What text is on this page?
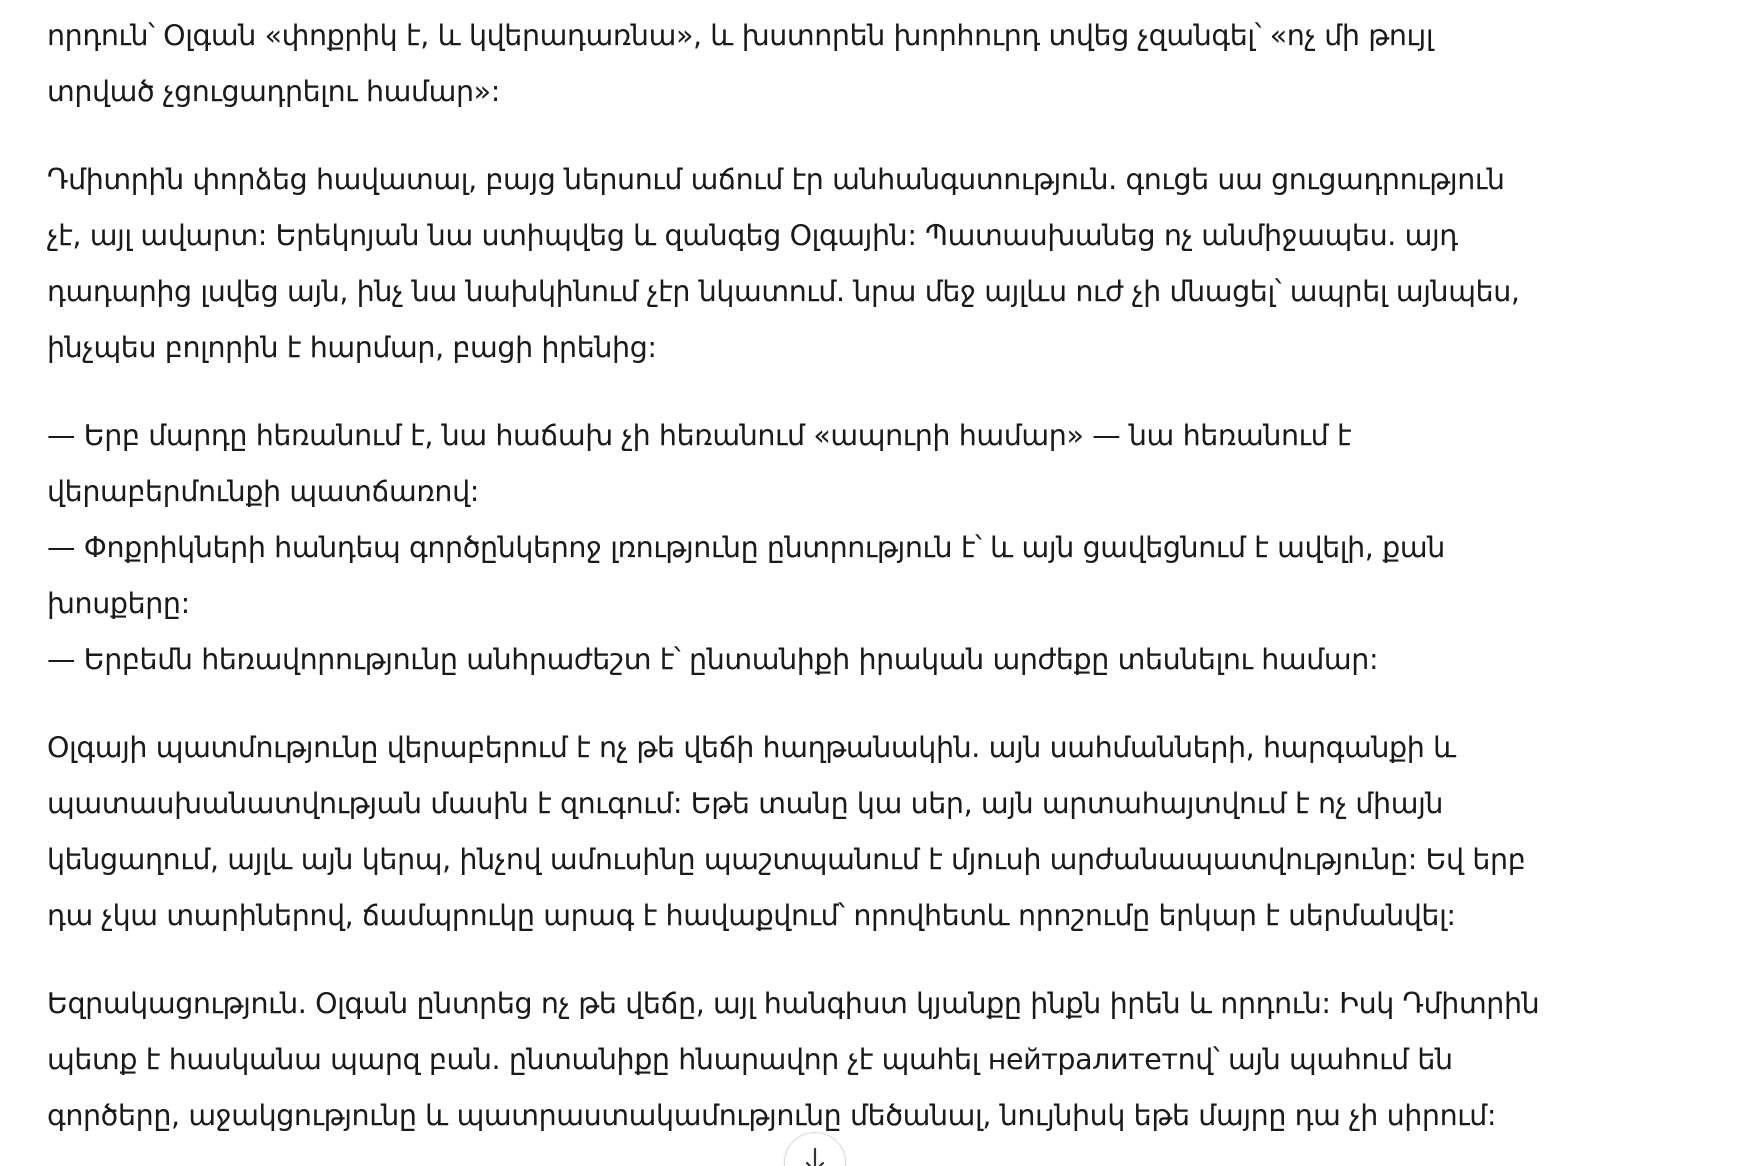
որդուն՝ Օլգան «փոքրիկ է, և կվերադառնա», և խստորեն խորհուրդ տվեց չզանգել՝ «ոչ մի թույլ
տրված չցուցադրելու համար»:
Դմիտրին փորձեց հավատալ, բայց ներսում աճում էր անհանգստություն. գուցե սա ցուցադրություն
չէ, այլ ավարտ: Երեկոյան նա ստիպվեց և զանգեց Օլգային: Պատասխանեց ոչ անմիջապես. այդ
դադարից լսվեց այն, ինչ նա նախկինում չէր նկատում. նրա մեջ այլևս ուժ չի մնացել՝ ապրել այնպես,
ինչպես բոլորին է հարմար, բացի իրենից:
— Երբ մարդը հեռանում է, նա հաճախ չի հեռանում «ապուրի համար» — նա հեռանում է
վերաբերմունքի պատճառով:
— Փոքրիկների հանդեպ գործընկերոջ լռությունը ընտրություն է՝ և այն ցավեցնում է ավելի, քան
խոսքերը:
— Երբեմն հեռավորությունը անհրաժեշտ է՝ ընտանիքի իրական արժեքը տեսնելու համար:
Օլգայի պատմությունը վերաբերում է ոչ թե վեճի հաղթանակին. այն սահմանների, հարգանքի և
պատասխանատվության մասին է զուգում: Եթե տանը կա սեր, այն արտահայտվում է ոչ միայն
կենցաղում, այլև այն կերպ, ինչով ամուսինը պաշտպանում է մյուսի արժանապատվությունը: Եվ երբ
դա չկա տարիներով, ճամպրուկը արագ է հավաքվում՝ որովհետև որոշումը երկար է սերմանվել:
Եզրակացություն. Օլգան ընտրեց ոչ թե վեճը, այլ հանգիստ կյանքը ինքն իրեն և որդուն: Իսկ Դմիտրին
պետք է հասկանա պարզ բան. ընտանիքը հնարավոր չէ պահել нейтралитетով՝ այն պահում են
գործերը, աջակցությունը և պատրաստակամությունը մեծանալ, նույնիսկ եթե մայրը դա չի սիրում:
